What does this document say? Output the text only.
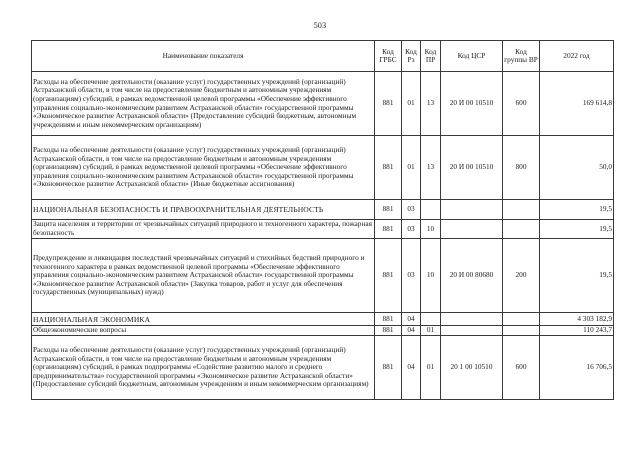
503
Наименование показателя	Код ГРБС	Код Рз	Код ПР	Код ЦСР	Код группы ВР	2022 год
Расходы на обеспечение деятельности (оказание услуг) государственных учреждений (организаций) Астраханской области, в том числе на предоставление бюджетным и автономным учреждениям (организациям) субсидий, в рамках ведомственной целевой программы «Обеспечение эффективного управления социально-экономическим развитием Астраханской области» государственной программы «Экономическое развитие Астраханской области» (Предоставление субсидий бюджетным, автономным учреждениям и иным некоммерческим организациям)	881	01	13	20 И 00 10510	600	169 614,8
Расходы на обеспечение деятельности (оказание услуг) государственных учреждений (организаций) Астраханской области, в том числе на предоставление бюджетным и автономным учреждениям (организациям) субсидий, в рамках ведомственной целевой программы «Обеспечение эффективного управления социально-экономическим развитием Астраханской области» государственной программы «Экономическое развитие Астраханской области» (Иные бюджетные ассигнования)	881	01	13	20 И 00 10510	800	50,0
НАЦИОНАЛЬНАЯ БЕЗОПАСНОСТЬ И ПРАВООХРАНИТЕЛЬНАЯ ДЕЯТЕЛЬНОСТЬ	881	03				19,5
Защита населения и территории от чрезвычайных ситуаций природного и техногенного характера, пожарная безопасность	881	03	10			19,5
Предупреждение и ликвидация последствий чрезвычайных ситуаций и стихийных бедствий природного и техногенного характера в рамках ведомственной целевой программы «Обеспечение эффективного управления социально-экономическим развитием Астраханской области» государственной программы «Экономическое развитие Астраханской области» (Закупка товаров, работ и услуг для обеспечения государственных (муниципальных) нужд)	881	03	10	20 И 00 80680	200	19,5
НАЦИОНАЛЬНАЯ ЭКОНОМИКА	881	04				4 303 182,9
Общеэкономические вопросы	881	04	01			110 243,7
Расходы на обеспечение деятельности (оказание услуг) государственных учреждений (организаций) Астраханской области, в том числе на предоставление бюджетным и автономным учреждениям (организациям) субсидий, в рамках подпрограммы «Содействие развитию малого и среднего предпринимательства» государственной программы «Экономическое развитие Астраханской области» (Предоставление субсидий бюджетным, автономным учреждениям и иным некоммерческим организациям)	881	04	01	20 1 00 10510	600	16 706,5
